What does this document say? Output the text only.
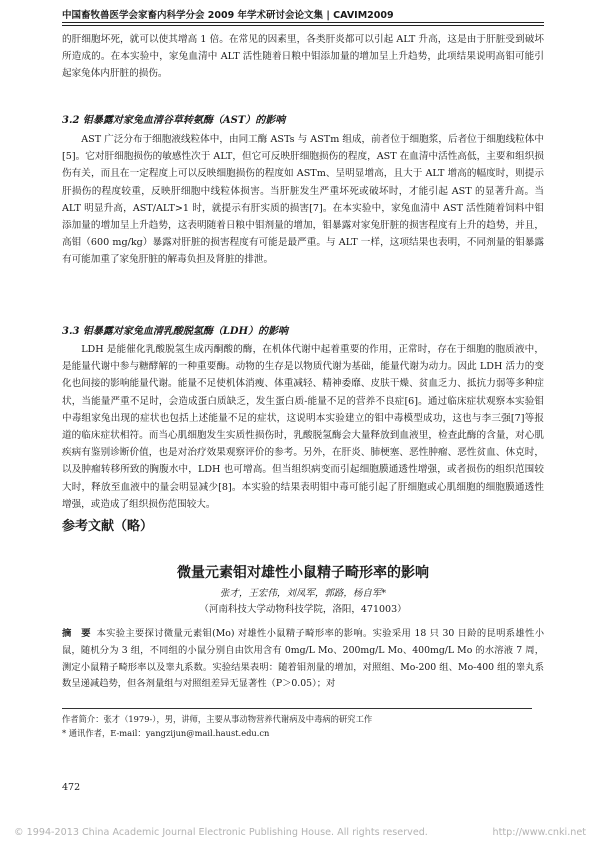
中国畜牧兽医学会家畜内科学分会 2009 年学术研讨会论文集 | CAVIM2009

的肝细胞坏死，就可以使其增高 1 倍。在常见的因素里，各类肝炎都可以引起 ALT 升高，这是由于肝脏受到破坏所造成的。在本实验中，家兔血清中 ALT 活性随着日粮中钼添加量的增加呈上升趋势，此项结果说明高钼可能引起家兔体内肝脏的损伤。

3.2 钼暴露对家兔血清谷草转氨酶（AST）的影响

AST 广泛分布于细胞液线粒体中，由同工酶 ASTs 与 ASTm 组成，前者位于细胞浆，后者位于细胞线粒体中[5]。它对肝细胞损伤的敏感性次于 ALT，但它可反映肝细胞损伤的程度，AST 在血清中活性高低，主要和组织损伤有关，而且在一定程度上可以反映细胞损伤的程度如 ASTm、呈明显增高，且大于 ALT 增高的幅度时，则提示肝损伤的程度较重，反映肝细胞中线粒体损害。当肝脏发生严重坏死或破坏时，才能引起 AST 的显著升高。当 ALT 明显升高，AST/ALT>1 时，就提示有肝实质的损害[7]。在本实验中，家兔血清中 AST 活性随着饲料中钼添加量的增加呈上升趋势，这表明随着日粮中钼剂量的增加，钼暴露对家兔肝脏的损害程度有上升的趋势，并且，高钼（600 mg/kg）暴露对肝脏的损害程度有可能是最严重。与 ALT 一样，这项结果也表明，不同剂量的钼暴露有可能加重了家兔肝脏的解毒负担及肾脏的排泄。

3.3 钼暴露对家兔血清乳酸脱氢酶（LDH）的影响

LDH 是能催化乳酸脱氢生成丙酮酸的酶，在机体代谢中起着重要的作用，正常时，存在于细胞的胞质液中，是能量代谢中参与糖酵解的一种重要酶。动物的生存是以物质代谢为基础，能量代谢为动力。因此 LDH 活力的变化也间接的影响能量代谢。能量不足使机体消瘦、体重减轻、精神委靡、皮肤干燥、贫血乏力、抵抗力弱等多种症状，当能量严重不足时，会造成蛋白质缺乏，发生蛋白质-能量不足的营养不良症[6]。通过临床症状观察本实验钼中毒组家兔出现的症状也包括上述能量不足的症状，这说明本实验建立的钼中毒模型成功，这也与李三强[7]等报道的临床症状相符。而当心肌细胞发生实质性损伤时，乳酸脱氢酶会大量释放到血液里，检查此酶的含量，对心肌疾病有鉴别诊断价值，也是对治疗效果观察评价的参考。另外，在肝炎、肺梗塞、恶性肿瘤、恶性贫血、休克时，以及肿瘤转移所致的胸腹水中，LDH 也可增高。但当组织病变而引起细胞膜通透性增强，或者损伤的组织范围较大时，释放至血液中的量会明显减少[8]。本实验的结果表明钼中毒可能引起了肝细胞或心肌细胞的细胞膜通透性增强，或造成了组织损伤范围较大。

参考文献（略）
微量元素钼对雄性小鼠精子畸形率的影响
张才，王宏伟，刘凤军，郭路，杨自军*
（河南科技大学动物科技学院，洛阳，471003）
摘　要 本实验主要探讨微量元素钼(Mo) 对雄性小鼠精子畸形率的影响。实验采用 18 只 30 日龄的昆明系雄性小鼠，随机分为 3 组，不同组的小鼠分别自由饮用含有 0mg/L Mo、200mg/L Mo、400mg/L Mo 的水溶液 7 周，测定小鼠精子畸形率以及睾丸系数。实验结果表明：随着钼剂量的增加，对照组、Mo-200 组、Mo-400 组的睾丸系数呈递减趋势，但各剂量组与对照组差异无显著性（P＞0.05）；对
作者简介：张才（1979-），男，讲师，主要从事动物营养代谢病及中毒病的研究工作
* 通讯作者，E-mail：yangzijun@mail.haust.edu.cn
472
© 1994-2013 China Academic Journal Electronic Publishing House. All rights reserved.	http://www.cnki.net
